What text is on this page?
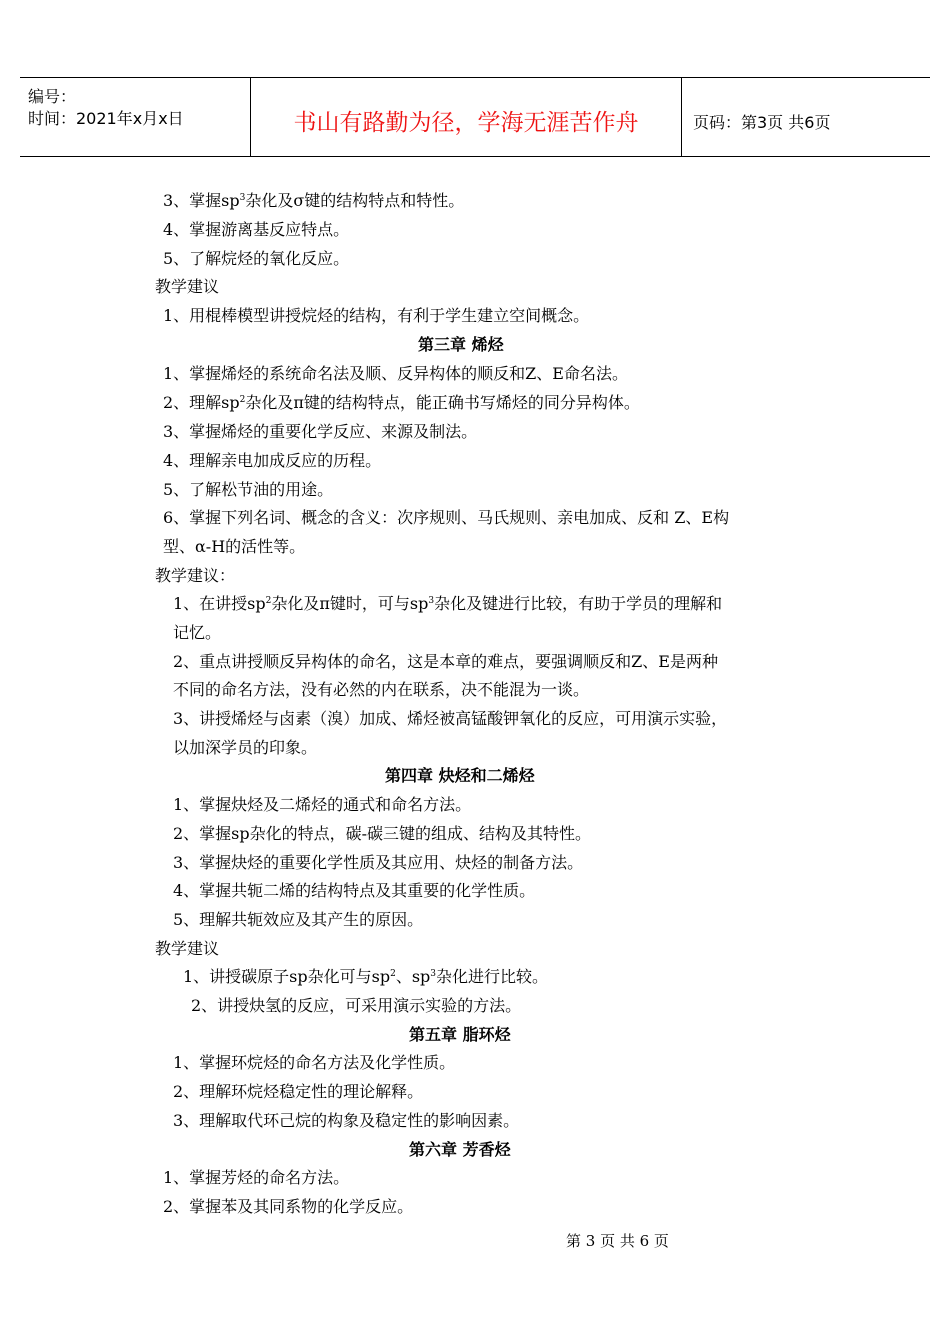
编号：
时间：2021年x月x日	书山有路勤为径，学海无涯苦作舟	页码：第3页 共6页
3、掌握$sp^3$杂化及σ键的结构特点和特性。
4、掌握游离基反应特点。
5、了解烷烃的氧化反应。
教学建议
1、用棍棒模型讲授烷烃的结构，有利于学生建立空间概念。
第三章 烯烃
1、掌握烯烃的系统命名法及顺、反异构体的顺反和Z、E命名法。
2、理解$sp^2$杂化及π键的结构特点，能正确书写烯烃的同分异构体。
3、掌握烯烃的重要化学反应、来源及制法。
4、理解亲电加成反应的历程。
5、了解松节油的用途。
6、掌握下列名词、概念的含义：次序规则、马氏规则、亲电加成、反和 Z、E构
型、α-H的活性等。
教学建议：
1、在讲授$sp^2$杂化及π键时，可与$sp^3$杂化及键进行比较，有助于学员的理解和
记忆。
2、重点讲授顺反异构体的命名，这是本章的难点，要强调顺反和Z、E是两种
不同的命名方法，没有必然的内在联系，决不能混为一谈。
3、讲授烯烃与卤素（溴）加成、烯烃被高锰酸钾氧化的反应，可用演示实验，
以加深学员的印象。
第四章 炔烃和二烯烃
1、掌握炔烃及二烯烃的通式和命名方法。
2、掌握sp杂化的特点，碳-碳三键的组成、结构及其特性。
3、掌握炔烃的重要化学性质及其应用、炔烃的制备方法。
4、掌握共轭二烯的结构特点及其重要的化学性质。
5、理解共轭效应及其产生的原因。
教学建议
1、讲授碳原子sp杂化可与$sp^2$、$sp^3$杂化进行比较。
2、讲授炔氢的反应，可采用演示实验的方法。
第五章 脂环烃
1、掌握环烷烃的命名方法及化学性质。
2、理解环烷烃稳定性的理论解释。
3、理解取代环己烷的构象及稳定性的影响因素。
第六章 芳香烃
1、掌握芳烃的命名方法。
2、掌握苯及其同系物的化学反应。
第 3 页 共 6 页
